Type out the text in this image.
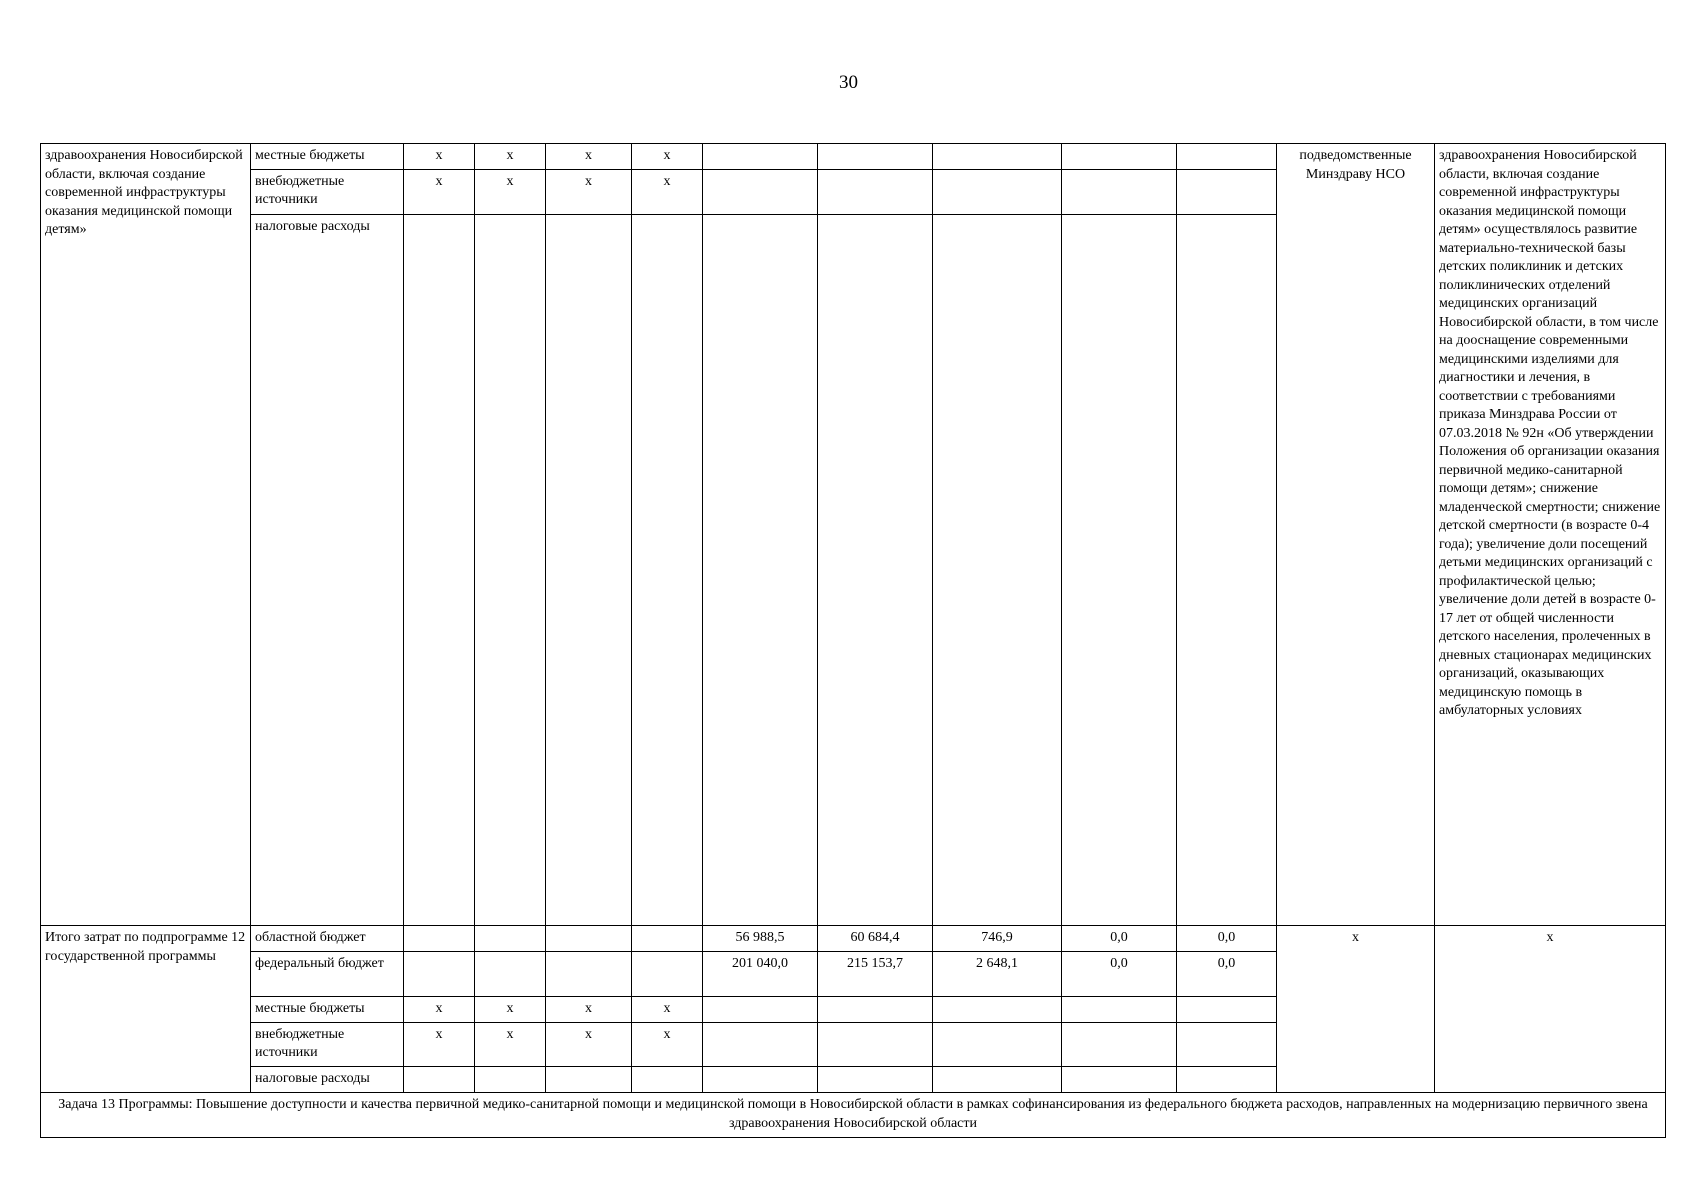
30
здравоохранения Новосибирской области, включая создание современной инфраструктуры оказания медицинской помощи детям»	местные бюджеты	x	x	x	x						подведомственные Минздраву НСО	здравоохранения Новосибирской области, включая создание современной инфраструктуры оказания медицинской помощи детям» осуществлялось развитие материально-технической базы детских поликлиник и детских поликлинических отделений медицинских организаций Новосибирской области, в том числе на дооснащение современными медицинскими изделиями для диагностики и лечения, в соответствии с требованиями приказа Минздрава России от 07.03.2018 № 92н «Об утверждении Положения об организации оказания первичной медико-санитарной помощи детям»; снижение младенческой смертности; снижение детской смертности (в возрасте 0-4 года); увеличение доли посещений детьми медицинских организаций с профилактической целью; увеличение доли детей в возрасте 0-17 лет от общей численности детского населения, пролеченных в дневных стационарах медицинских организаций, оказывающих медицинскую помощь в амбулаторных условиях
	внебюджетные источники	x	x	x	x							
	налоговые расходы											
Итого затрат по подпрограмме 12 государственной программы	областной бюджет					56 988,5	60 684,4	746,9	0,0	0,0	x	x
	федеральный бюджет					201 040,0	215 153,7	2 648,1	0,0	0,0		
	местные бюджеты	x	x	x	x							
	внебюджетные источники	x	x	x	x							
	налоговые расходы											
Задача 13 Программы: Повышение доступности и качества первичной медико-санитарной помощи и медицинской помощи в Новосибирской области в рамках софинансирования из федерального бюджета расходов, направленных на модернизацию первичного звена здравоохранения Новосибирской области												
